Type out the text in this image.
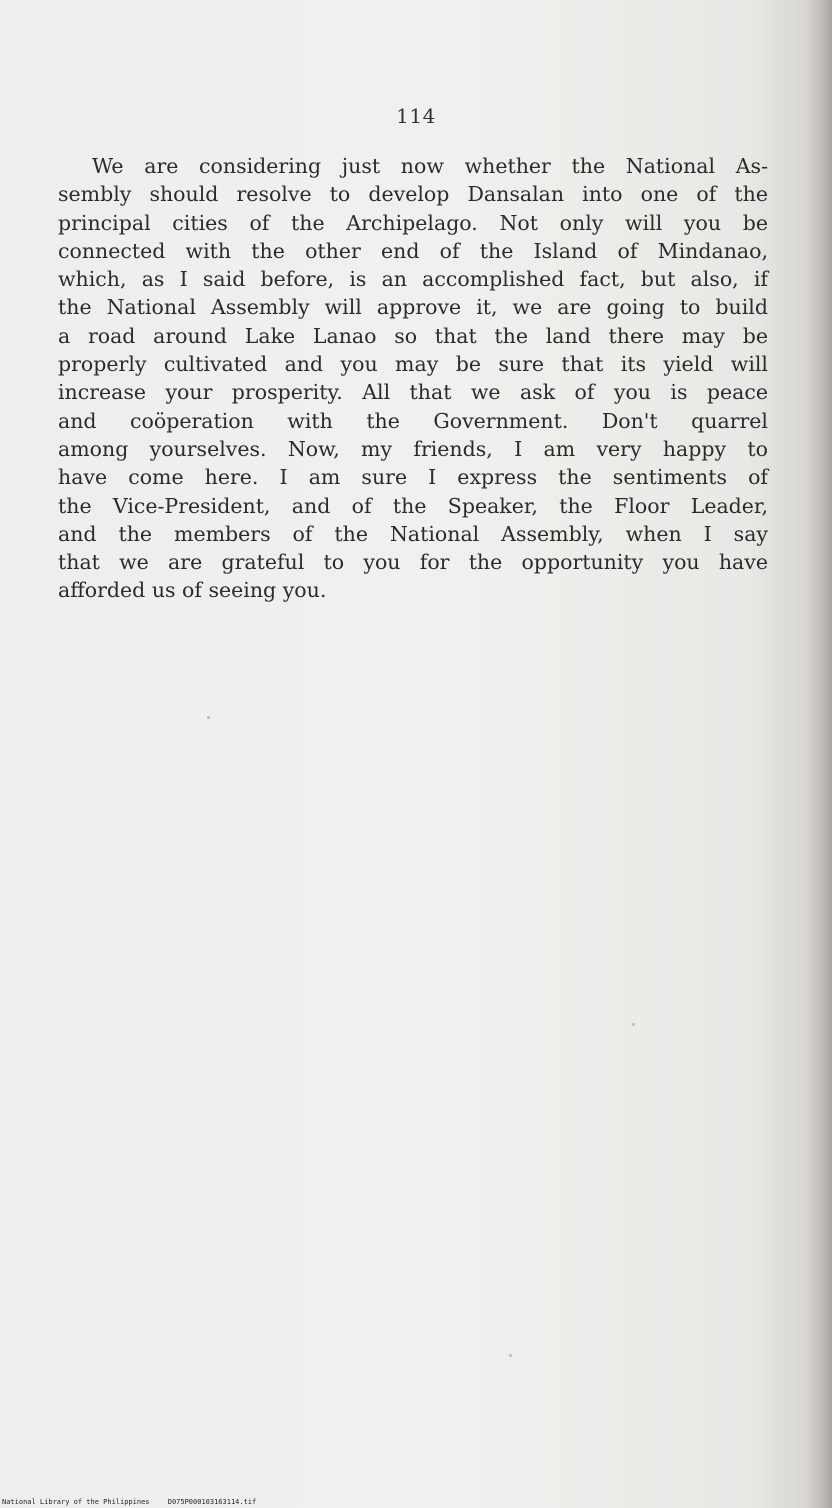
114
We are considering just now whether the National As-
sembly should resolve to develop Dansalan into one of the
principal cities of the Archipelago. Not only will you be
connected with the other end of the Island of Mindanao,
which, as I said before, is an accomplished fact, but also, if
the National Assembly will approve it, we are going to build
a road around Lake Lanao so that the land there may be
properly cultivated and you may be sure that its yield will
increase your prosperity. All that we ask of you is peace
and coöperation with the Government. Don't quarrel
among yourselves. Now, my friends, I am very happy to
have come here. I am sure I express the sentiments of
the Vice-President, and of the Speaker, the Floor Leader,
and the members of the National Assembly, when I say
that we are grateful to you for the opportunity you have
afforded us of seeing you.
National Library of the Philippines	D075P000103163114.tif
